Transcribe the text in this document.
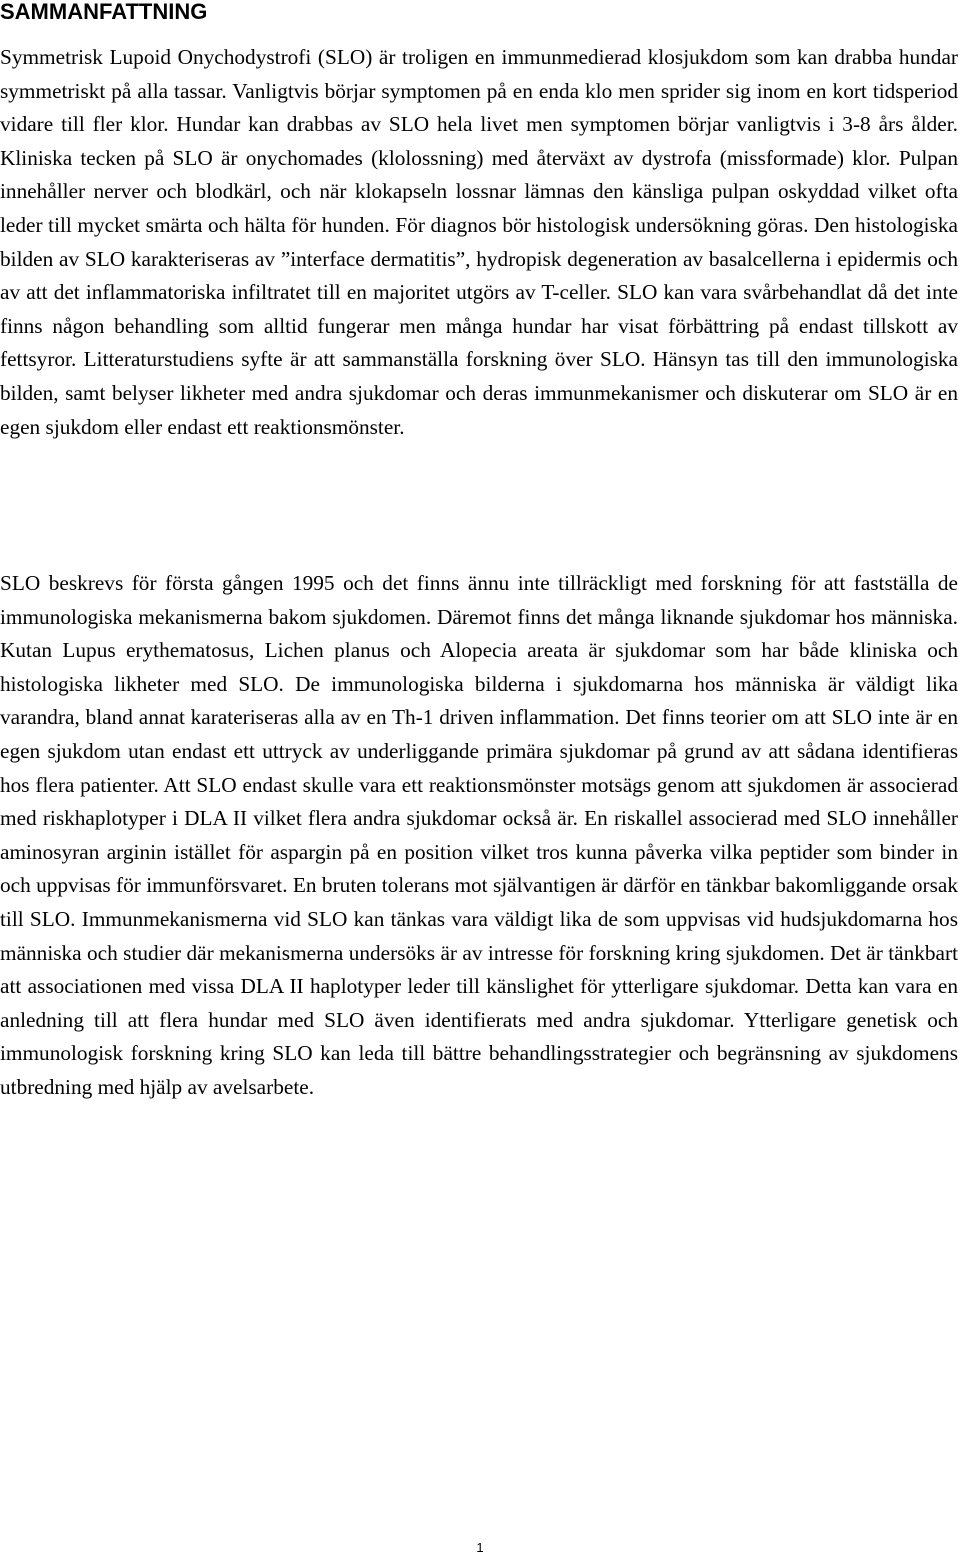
SAMMANFATTNING

Symmetrisk Lupoid Onychodystrofi (SLO) är troligen en immunmedierad klosjukdom som kan drabba hundar symmetriskt på alla tassar. Vanligtvis börjar symptomen på en enda klo men sprider sig inom en kort tidsperiod vidare till fler klor. Hundar kan drabbas av SLO hela livet men symptomen börjar vanligtvis i 3-8 års ålder. Kliniska tecken på SLO är onychomades (klolossning) med återväxt av dystrofa (missformade) klor. Pulpan innehåller nerver och blodkärl, och när klokapseln lossnar lämnas den känsliga pulpan oskyddad vilket ofta leder till mycket smärta och hälta för hunden. För diagnos bör histologisk undersökning göras. Den histologiska bilden av SLO karakteriseras av ”interface dermatitis”, hydropisk degeneration av basalcellerna i epidermis och av att det inflammatoriska infiltratet till en majoritet utgörs av T-celler. SLO kan vara svårbehandlat då det inte finns någon behandling som alltid fungerar men många hundar har visat förbättring på endast tillskott av fettsyror. Litteraturstudiens syfte är att sammanställa forskning över SLO. Hänsyn tas till den immunologiska bilden, samt belyser likheter med andra sjukdomar och deras immunmekanismer och diskuterar om SLO är en egen sjukdom eller endast ett reaktionsmönster.

SLO beskrevs för första gången 1995 och det finns ännu inte tillräckligt med forskning för att fastställa de immunologiska mekanismerna bakom sjukdomen. Däremot finns det många liknande sjukdomar hos människa. Kutan Lupus erythematosus, Lichen planus och Alopecia areata är sjukdomar som har både kliniska och histologiska likheter med SLO. De immunologiska bilderna i sjukdomarna hos människa är väldigt lika varandra, bland annat karateriseras alla av en Th-1 driven inflammation. Det finns teorier om att SLO inte är en egen sjukdom utan endast ett uttryck av underliggande primära sjukdomar på grund av att sådana identifieras hos flera patienter. Att SLO endast skulle vara ett reaktionsmönster motsägs genom att sjukdomen är associerad med riskhaplotyper i DLA II vilket flera andra sjukdomar också är. En riskallel associerad med SLO innehåller aminosyran arginin istället för aspargin på en position vilket tros kunna påverka vilka peptider som binder in och uppvisas för immunförsvaret. En bruten tolerans mot självantigen är därför en tänkbar bakomliggande orsak till SLO. Immunmekanismerna vid SLO kan tänkas vara väldigt lika de som uppvisas vid hudsjukdomarna hos människa och studier där mekanismerna undersöks är av intresse för forskning kring sjukdomen. Det är tänkbart att associationen med vissa DLA II haplotyper leder till känslighet för ytterligare sjukdomar. Detta kan vara en anledning till att flera hundar med SLO även identifierats med andra sjukdomar. Ytterligare genetisk och immunologisk forskning kring SLO kan leda till bättre behandlingsstrategier och begränsning av sjukdomens utbredning med hjälp av avelsarbete.

1
